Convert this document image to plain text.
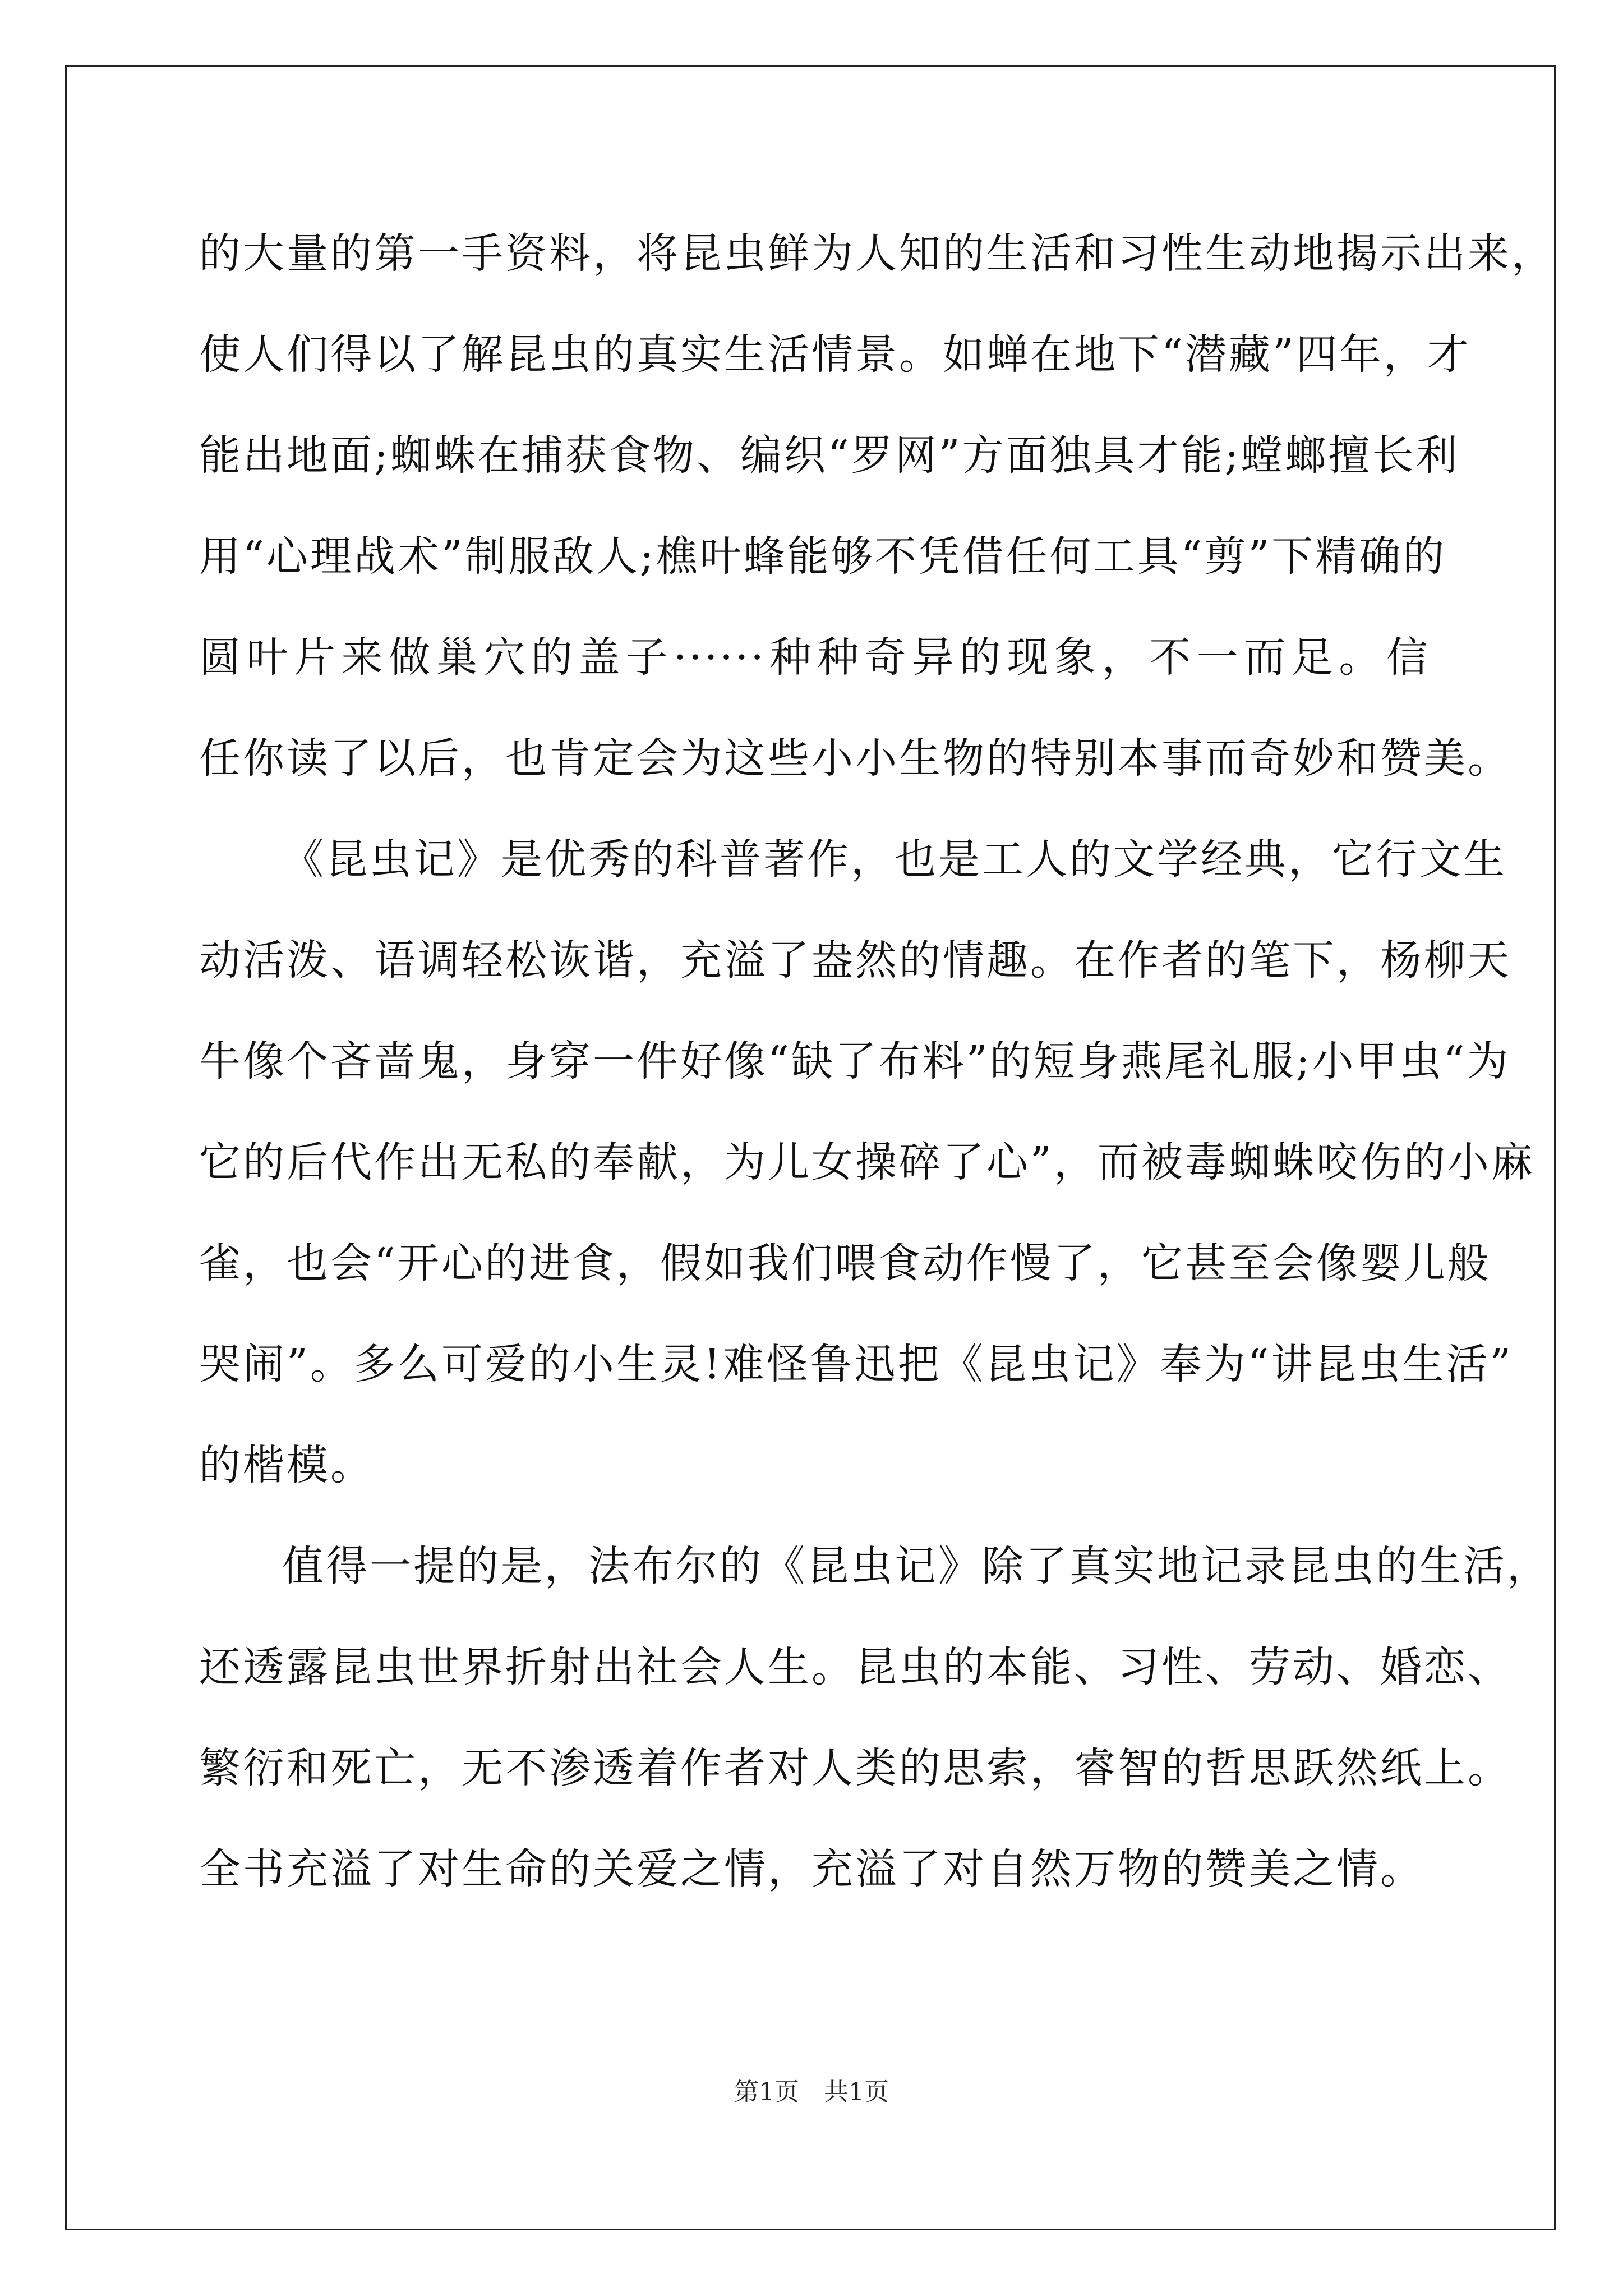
的大量的第一手资料，将昆虫鲜为人知的生活和习性生动地揭示出来，
使人们得以了解昆虫的真实生活情景。如蝉在地下“潜藏”四年，才
能出地面;蜘蛛在捕获食物、编织“罗网”方面独具才能;螳螂擅长利
用“心理战术”制服敌人;樵叶蜂能够不凭借任何工具“剪”下精确的
圆叶片来做巢穴的盖子······种种奇异的现象，不一而足。信
任你读了以后，也肯定会为这些小小生物的特别本事而奇妙和赞美。
《昆虫记》是优秀的科普著作，也是工人的文学经典，它行文生
动活泼、语调轻松诙谐，充溢了盎然的情趣。在作者的笔下，杨柳天
牛像个吝啬鬼，身穿一件好像“缺了布料”的短身燕尾礼服;小甲虫“为
它的后代作出无私的奉献，为儿女操碎了心”，而被毒蜘蛛咬伤的小麻
雀，也会“开心的进食，假如我们喂食动作慢了，它甚至会像婴儿般
哭闹”。多么可爱的小生灵!难怪鲁迅把《昆虫记》奉为“讲昆虫生活”
的楷模。
值得一提的是，法布尔的《昆虫记》除了真实地记录昆虫的生活，
还透露昆虫世界折射出社会人生。昆虫的本能、习性、劳动、婚恋、
繁衍和死亡，无不渗透着作者对人类的思索，睿智的哲思跃然纸上。
全书充溢了对生命的关爱之情，充溢了对自然万物的赞美之情。
第1页　共1页
